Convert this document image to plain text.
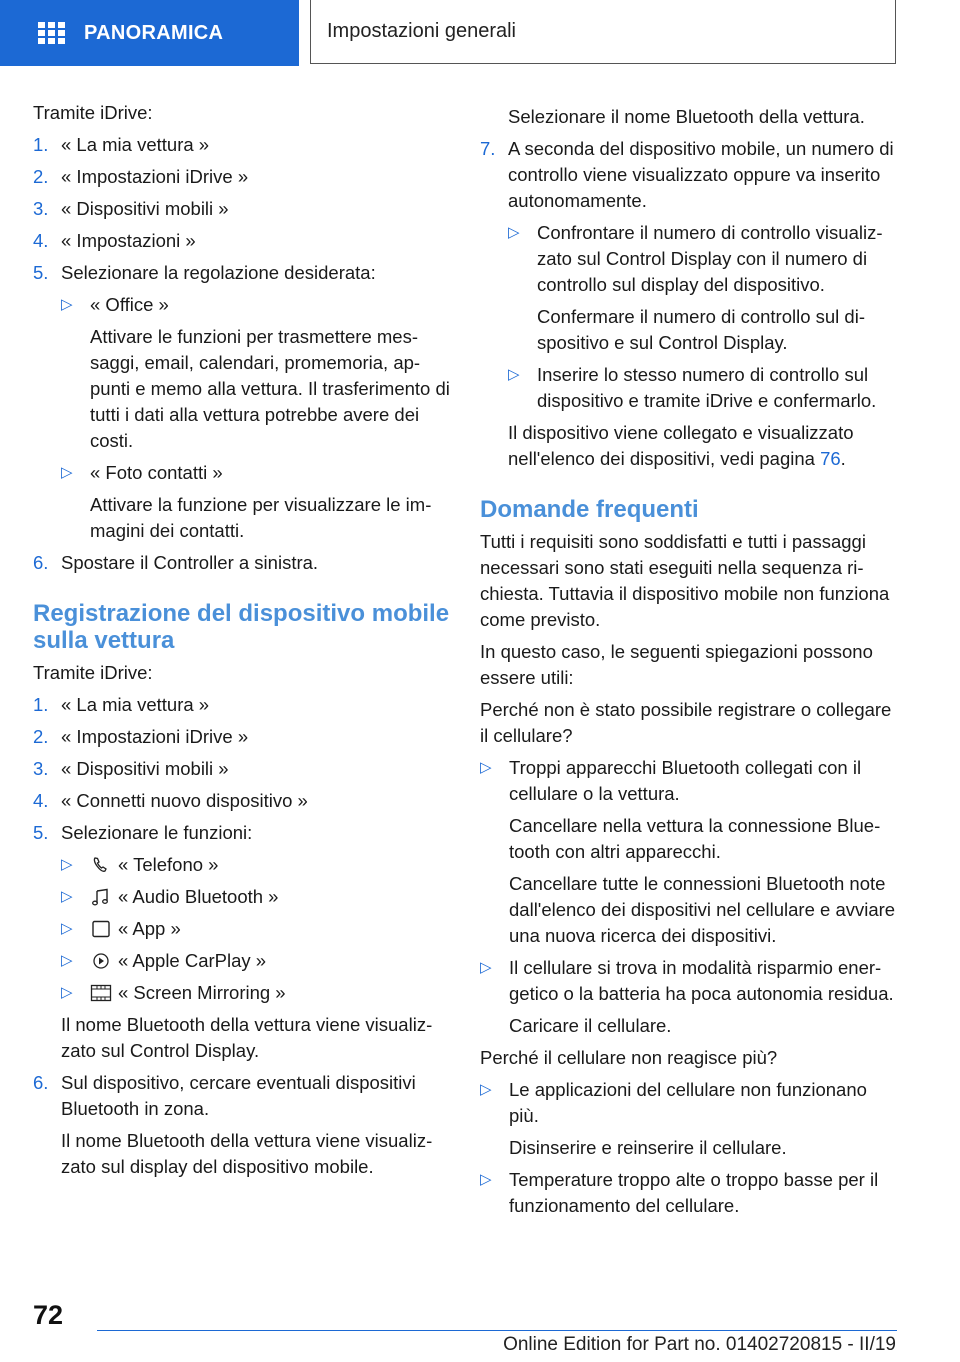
PANORAMICA	Impostazioni generali

Tramite iDrive:

1. « La mia vettura »
2. « Impostazioni iDrive »
3. « Dispositivi mobili »
4. « Impostazioni »
5. Selezionare la regolazione desiderata:
▷ « Office »
Attivare le funzioni per trasmettere messaggi, email, calendari, promemoria, appunti e memo alla vettura. Il trasferimento di tutti i dati alla vettura potrebbe avere dei costi.
▷ « Foto contatti »
Attivare la funzione per visualizzare le immagini dei contatti.
6. Spostare il Controller a sinistra.
Registrazione del dispositivo mobile sulla vettura

Tramite iDrive:

1. « La mia vettura »
2. « Impostazioni iDrive »
3. « Dispositivi mobili »
4. « Connetti nuovo dispositivo »
5. Selezionare le funzioni:
▷ « Telefono »
▷ « Audio Bluetooth »
▷ « App »
▷ « Apple CarPlay »
▷ « Screen Mirroring »

Il nome Bluetooth della vettura viene visualizzato sul Control Display.

6. Sul dispositivo, cercare eventuali dispositivi Bluetooth in zona.
Il nome Bluetooth della vettura viene visualizzato sul display del dispositivo mobile.

Selezionare il nome Bluetooth della vettura.

7. A seconda del dispositivo mobile, un numero di controllo viene visualizzato oppure va inserito autonomamente.
▷ Confrontare il numero di controllo visualizzato sul Control Display con il numero di controllo sul display del dispositivo.
Confermare il numero di controllo sul dispositivo e sul Control Display.
▷ Inserire lo stesso numero di controllo sul dispositivo e tramite iDrive e confermarlo.

Il dispositivo viene collegato e visualizzato nell'elenco dei dispositivi, vedi pagina 76.

Domande frequenti

Tutti i requisiti sono soddisfatti e tutti i passaggi necessari sono stati eseguiti nella sequenza richiesta. Tuttavia il dispositivo mobile non funziona come previsto.

In questo caso, le seguenti spiegazioni possono essere utili:

Perché non è stato possibile registrare o collegare il cellulare?

▷ Troppi apparecchi Bluetooth collegati con il cellulare o la vettura.
Cancellare nella vettura la connessione Bluetooth con altri apparecchi.
Cancellare tutte le connessioni Bluetooth note dall'elenco dei dispositivi nel cellulare e avviare una nuova ricerca dei dispositivi.
▷ Il cellulare si trova in modalità risparmio energetico o la batteria ha poca autonomia residua.
Caricare il cellulare.

Perché il cellulare non reagisce più?

▷ Le applicazioni del cellulare non funzionano più.
Disinserire e reinserire il cellulare.
▷ Temperature troppo alte o troppo basse per il funzionamento del cellulare.
72
Online Edition for Part no. 01402720815 - II/19
